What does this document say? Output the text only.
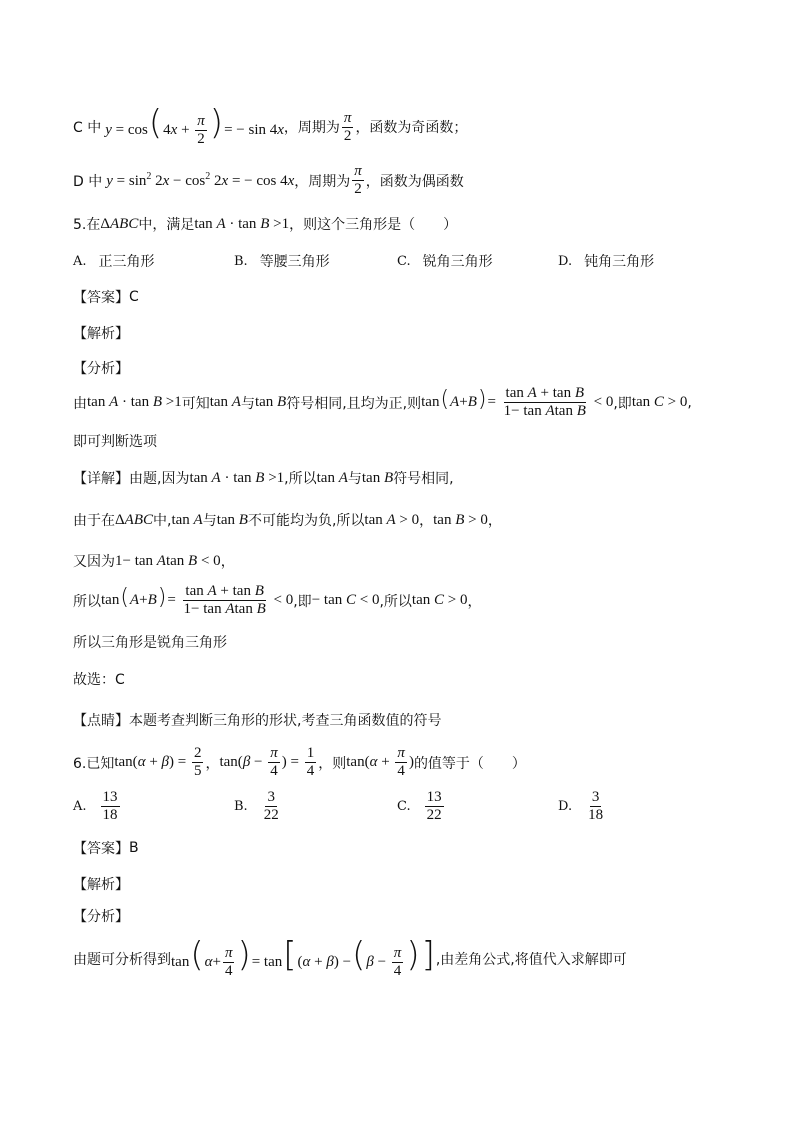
C 中 $y = \cos(4x + \frac{\pi}{2}$ )= − sin 4x ，周期为 $\frac{\pi}{2}$ ，函数为奇函数；
D 中 $y = \sin^2 2x - \cos^2 2x$ = − cos 4x ，周期为 $\frac{\pi}{2}$ ，函数为偶函数
5.在 ΔABC 中，满足 tan A · tan B >1 ，则这个三角形是（　　）
A. 正三角形	B. 等腰三角形	C. 锐角三角形	D. 钝角三角形
【答案】 C
【解析】
【分析】
由 tan A · tan B >1 可知 tan A 与 tan B 符号相同,且均为正,则 $\tan(A+B)= \frac{\text{tan A + tan B}}{\text{1− tan Atan B}} < 0$ ,即 tan C > 0 ,
即可判断选项
【详解】由题,因为 tan A · tan B >1 ,所以 tan A 与 tan B 符号相同,
由于在 ΔABC 中, tan A 与 tan B 不可能均为负,所以 tan A > 0 ， tan B > 0 ，
又因为 1− tan Atan B < 0 ，
所以 $\tan(A+B)= \frac{\text{tan A + tan B}}{\text{1− tan Atan B}} < 0$ ,即 − tan C < 0 ,所以 tan C > 0 ，
所以三角形是锐角三角形
故选：C
【点睛】本题考查判断三角形的形状,考查三角函数值的符号
6.已知 $\tan(\alpha + \beta) = \frac{2}{5}$ ， $\tan(\beta - \frac{\pi}{4}$ ) = $\frac{1}{4}$ ，则 $\tan(\alpha + \frac{\pi}{4}$ ) 的值等于（　　）
A. $\frac{13}{18}$	B. $\frac{3}{22}$	C. $\frac{13}{22}$	D. $\frac{3}{18}$
【答案】 B
【解析】
【分析】
由题可分析得到 $\tan(\alpha+ \frac{\pi}{4}$ )= $\tan[(\alpha + \beta) -(\beta - \frac{\pi}{4}$ )] ,由差角公式,将值代入求解即可
